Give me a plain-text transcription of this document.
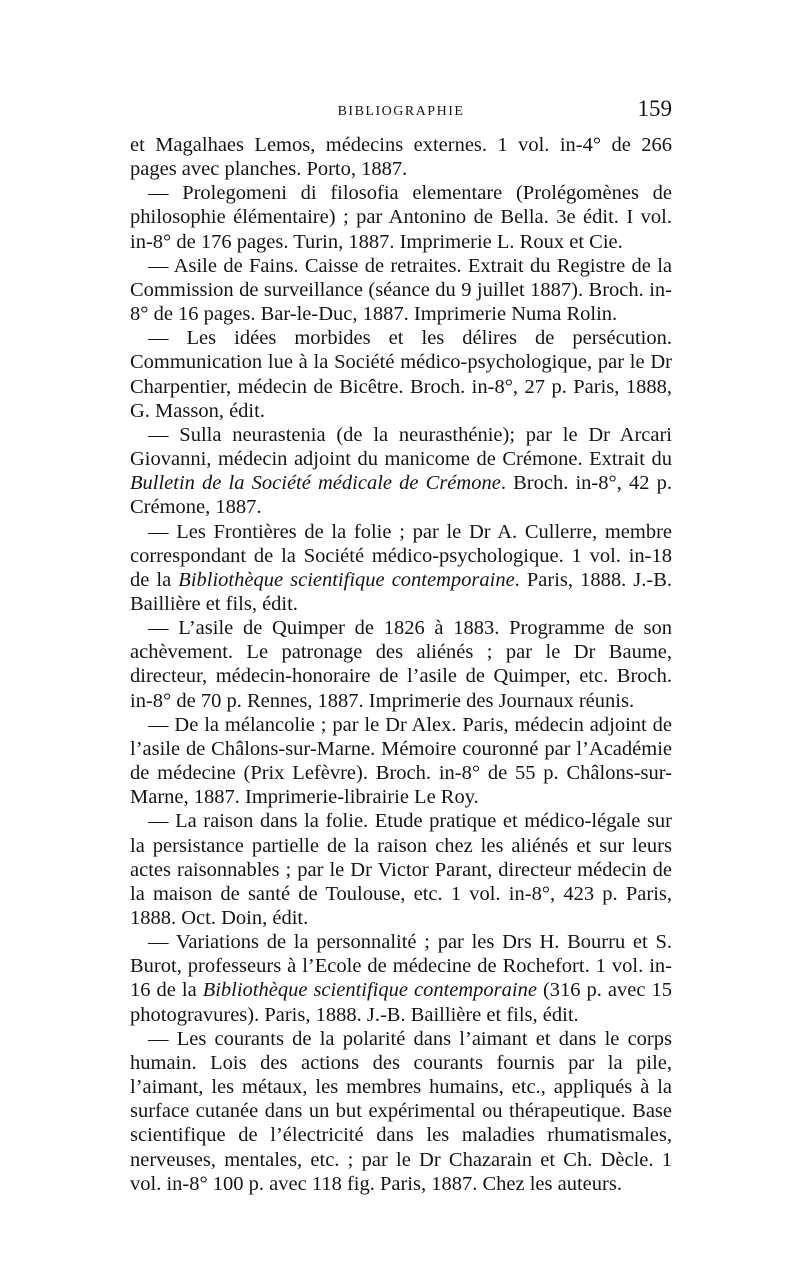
BIBLIOGRAPHIE	159

et Magalhaes Lemos, médecins externes. 1 vol. in-4° de 266 pages avec planches. Porto, 1887.

— Prolegomeni di filosofia elementare (Prolégomènes de philosophie élémentaire) ; par Antonino de Bella. 3e édit. I vol. in-8° de 176 pages. Turin, 1887. Imprimerie L. Roux et Cie.

— Asile de Fains. Caisse de retraites. Extrait du Registre de la Commission de surveillance (séance du 9 juillet 1887). Broch. in-8° de 16 pages. Bar-le-Duc, 1887. Imprimerie Numa Rolin.

— Les idées morbides et les délires de persécution. Communication lue à la Société médico-psychologique, par le Dr Charpentier, médecin de Bicêtre. Broch. in-8°, 27 p. Paris, 1888, G. Masson, édit.

— Sulla neurastenia (de la neurasthénie); par le Dr Arcari Giovanni, médecin adjoint du manicome de Crémone. Extrait du Bulletin de la Société médicale de Crémone. Broch. in-8°, 42 p. Crémone, 1887.

— Les Frontières de la folie ; par le Dr A. Cullerre, membre correspondant de la Société médico-psychologique. 1 vol. in-18 de la Bibliothèque scientifique contemporaine. Paris, 1888. J.-B. Baillière et fils, édit.

— L’asile de Quimper de 1826 à 1883. Programme de son achèvement. Le patronage des aliénés ; par le Dr Baume, directeur, médecin-honoraire de l’asile de Quimper, etc. Broch. in-8° de 70 p. Rennes, 1887. Imprimerie des Journaux réunis.

— De la mélancolie ; par le Dr Alex. Paris, médecin adjoint de l’asile de Châlons-sur-Marne. Mémoire couronné par l’Académie de médecine (Prix Lefèvre). Broch. in-8° de 55 p. Châlons-sur-Marne, 1887. Imprimerie-librairie Le Roy.

— La raison dans la folie. Etude pratique et médico-légale sur la persistance partielle de la raison chez les aliénés et sur leurs actes raisonnables ; par le Dr Victor Parant, directeur médecin de la maison de santé de Toulouse, etc. 1 vol. in-8°, 423 p. Paris, 1888. Oct. Doin, édit.

— Variations de la personnalité ; par les Drs H. Bourru et S. Burot, professeurs à l’Ecole de médecine de Rochefort. 1 vol. in-16 de la Bibliothèque scientifique contemporaine (316 p. avec 15 photogravures). Paris, 1888. J.-B. Baillière et fils, édit.

— Les courants de la polarité dans l’aimant et dans le corps humain. Lois des actions des courants fournis par la pile, l’aimant, les métaux, les membres humains, etc., appliqués à la surface cutanée dans un but expérimental ou thérapeutique. Base scientifique de l’électricité dans les maladies rhumatismales, nerveuses, mentales, etc. ; par le Dr Chazarain et Ch. Dècle. 1 vol. in-8° 100 p. avec 118 fig. Paris, 1887. Chez les auteurs.
